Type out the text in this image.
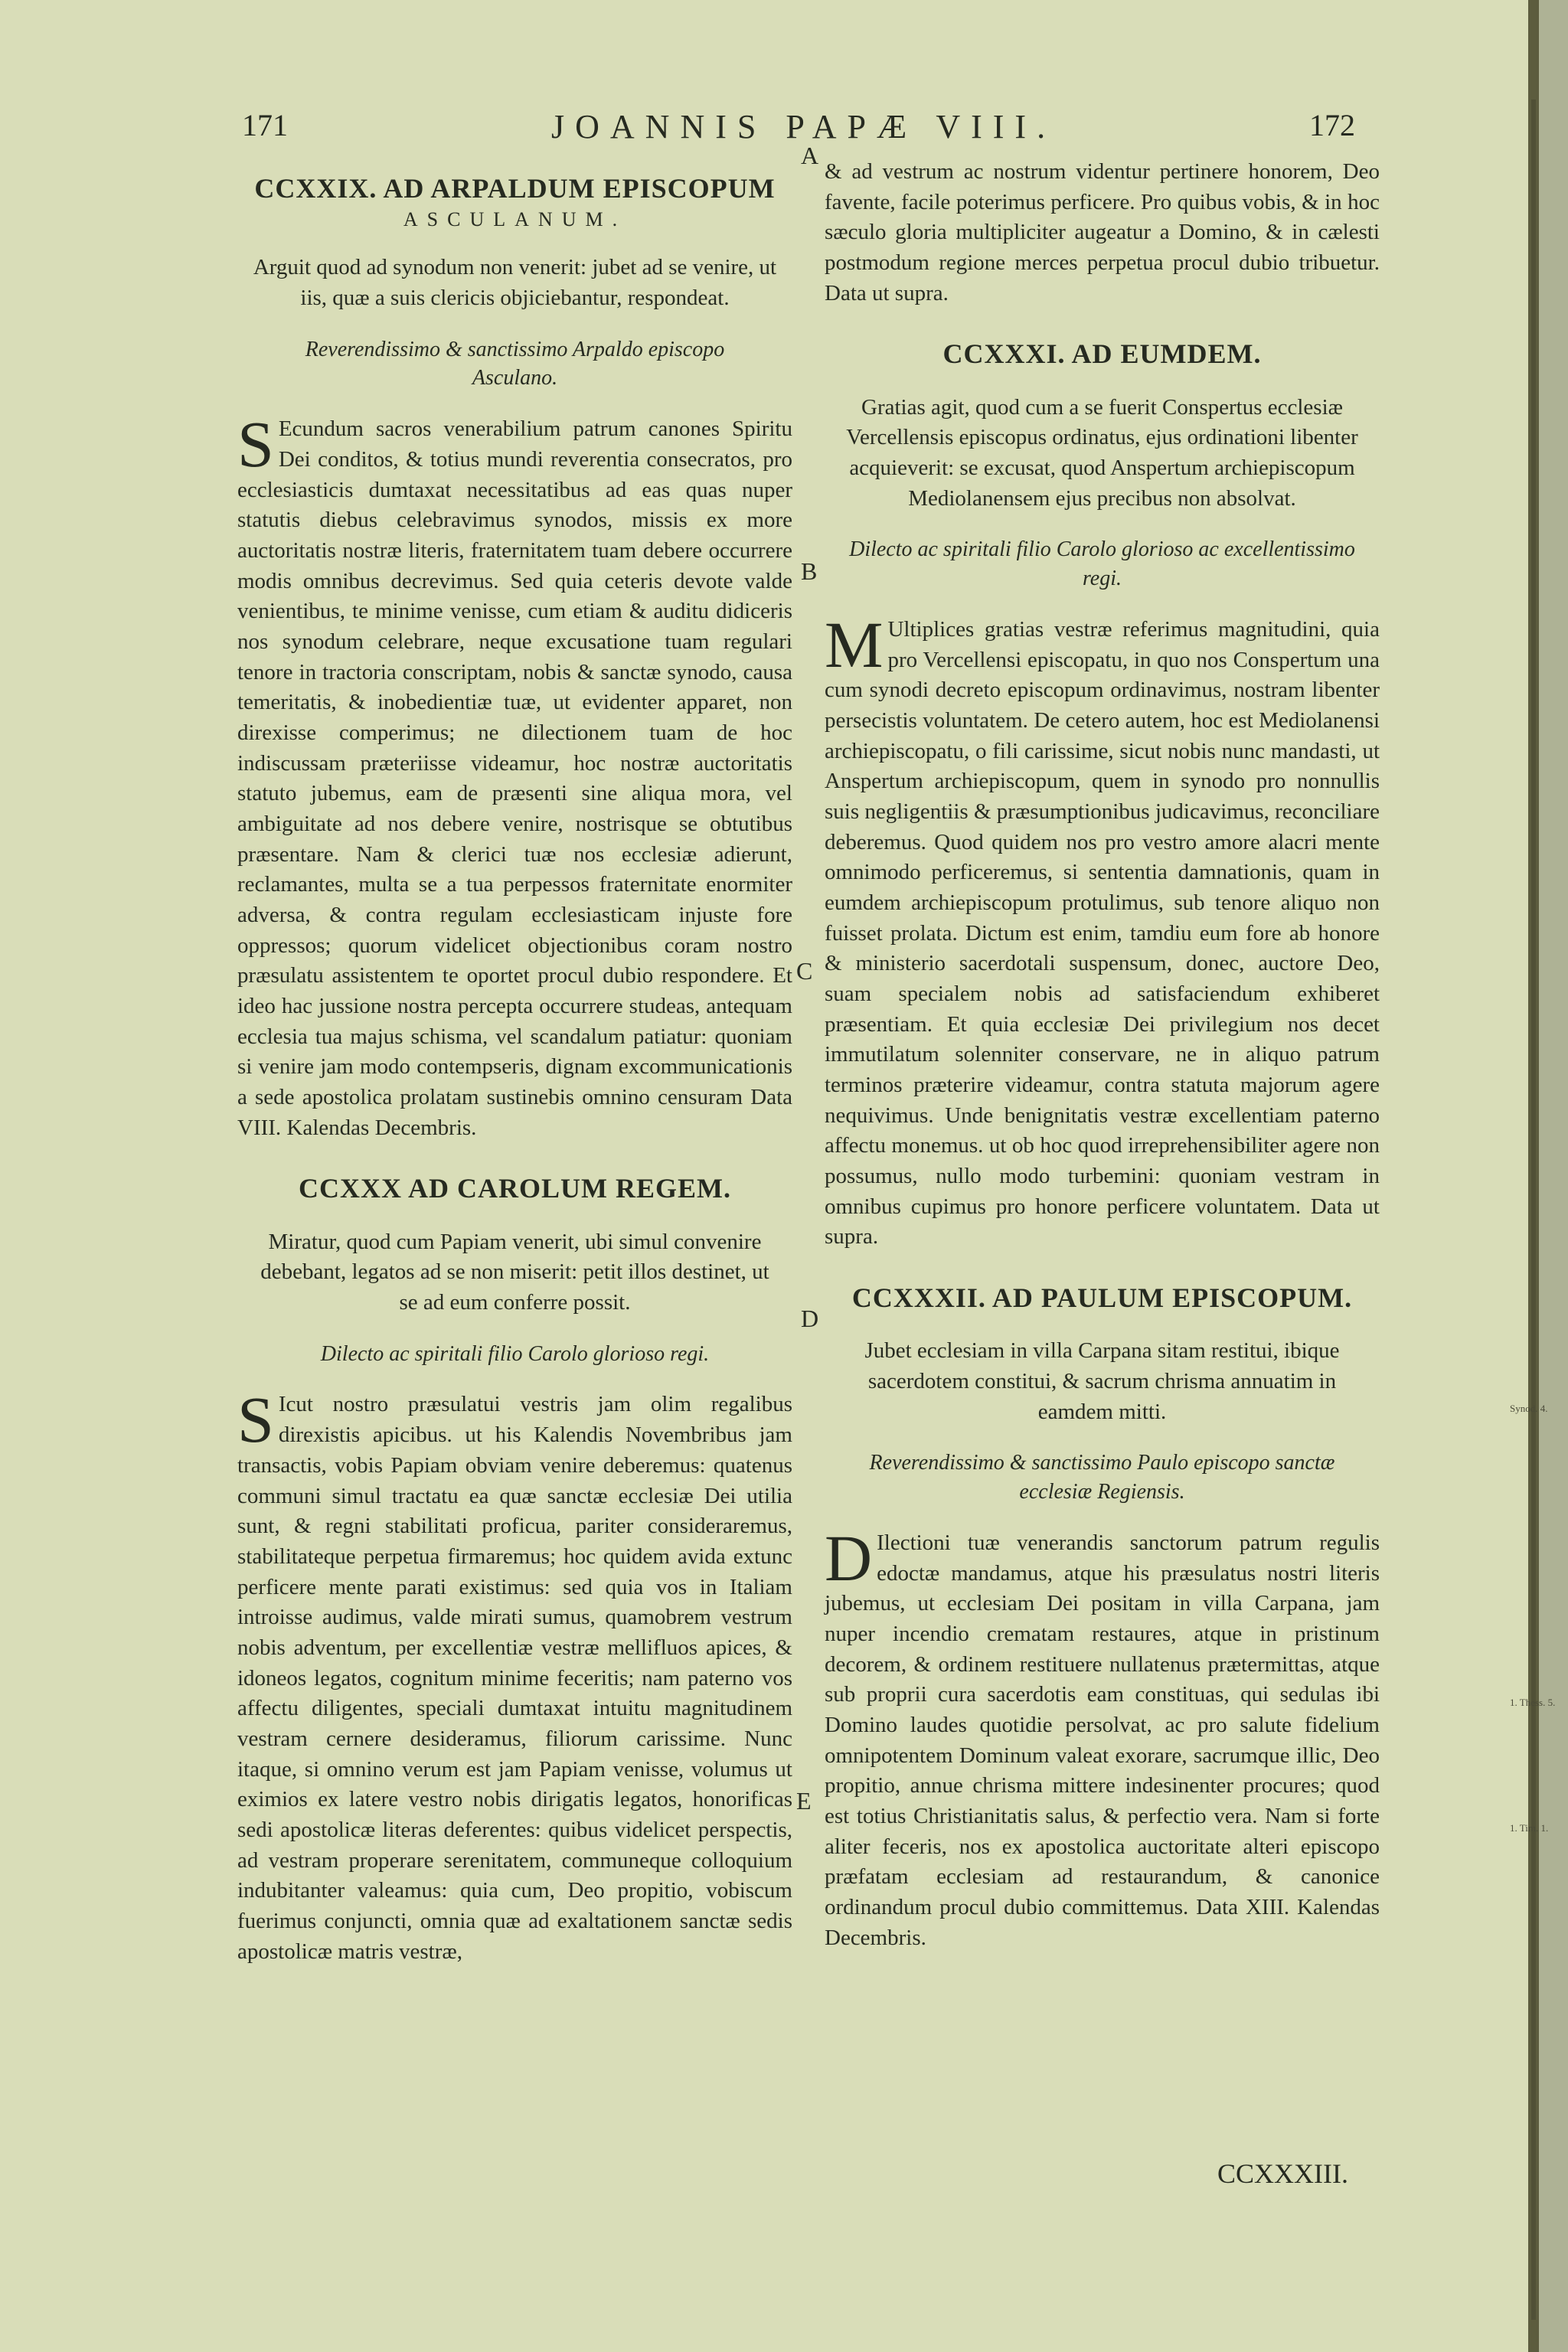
171	JOANNIS PAPÆ VIII.	172
A
B
C
D
E
Synod. 4.
1. Thess. 5.
1. Tim. 1.
CCXXIX. AD ARPALDUM EPISCOPUM

ASCULANUM.

Arguit quod ad synodum non venerit: jubet ad se venire, ut iis, quæ a suis clericis objiciebantur, respondeat.

Reverendissimo & sanctissimo Arpaldo episcopo Asculano.

S Ecundum sacros venerabilium patrum canones Spiritu Dei conditos, & totius mundi reverentia consecratos, pro ecclesiasticis dumtaxat necessitatibus ad eas quas nuper statutis diebus celebravimus synodos, missis ex more auctoritatis nostræ literis, fraternitatem tuam debere occurrere modis omnibus decrevimus. Sed quia ceteris devote valde venientibus, te minime venisse, cum etiam & auditu didiceris nos synodum celebrare, neque excusatione tuam regulari tenore in tractoria conscriptam, nobis & sanctæ synodo, causa temeritatis, & inobedientiæ tuæ, ut evidenter apparet, non direxisse comperimus; ne dilectionem tuam de hoc indiscussam præteriisse videamur, hoc nostræ auctoritatis statuto jubemus, eam de præsenti sine aliqua mora, vel ambiguitate ad nos debere venire, nostrisque se obtutibus præsentare. Nam & clerici tuæ nos ecclesiæ adierunt, reclamantes, multa se a tua perpessos fraternitate enormiter adversa, & contra regulam ecclesiasticam injuste fore oppressos; quorum videlicet objectionibus coram nostro præsulatu assistentem te oportet procul dubio respondere. Et ideo hac jussione nostra percepta occurrere studeas, antequam ecclesia tua majus schisma, vel scandalum patiatur: quoniam si venire jam modo contempseris, dignam excommunicationis a sede apostolica prolatam sustinebis omnino censuram Data VIII. Kalendas Decembris.

CCXXX AD CAROLUM REGEM.

Miratur, quod cum Papiam venerit, ubi simul convenire debebant, legatos ad se non miserit: petit illos destinet, ut se ad eum conferre possit.

Dilecto ac spiritali filio Carolo glorioso regi.

S Icut nostro præsulatui vestris jam olim regalibus direxistis apicibus. ut his Kalendis Novembribus jam transactis, vobis Papiam obviam venire deberemus: quatenus communi simul tractatu ea quæ sanctæ ecclesiæ Dei utilia sunt, & regni stabilitati proficua, pariter consideraremus, stabilitateque perpetua firmaremus; hoc quidem avida extunc perficere mente parati existimus: sed quia vos in Italiam introisse audimus, valde mirati sumus, quamobrem vestrum nobis adventum, per excellentiæ vestræ mellifluos apices, & idoneos legatos, cognitum minime feceritis; nam paterno vos affectu diligentes, speciali dumtaxat intuitu magnitudinem vestram cernere desideramus, filiorum carissime. Nunc itaque, si omnino verum est jam Papiam venisse, volumus ut eximios ex latere vestro nobis dirigatis legatos, honorificas sedi apostolicæ literas deferentes: quibus videlicet perspectis, ad vestram properare serenitatem, communeque colloquium indubitanter valeamus: quia cum, Deo propitio, vobiscum fuerimus conjuncti, omnia quæ ad exaltationem sanctæ sedis apostolicæ matris vestræ,

& ad vestrum ac nostrum videntur pertinere honorem, Deo favente, facile poterimus perficere. Pro quibus vobis, & in hoc sæculo gloria multipliciter augeatur a Domino, & in cælesti postmodum regione merces perpetua procul dubio tribuetur. Data ut supra.

CCXXXI. AD EUMDEM.

Gratias agit, quod cum a se fuerit Conspertus ecclesiæ Vercellensis episcopus ordinatus, ejus ordinationi libenter acquieverit: se excusat, quod Anspertum archiepiscopum Mediolanensem ejus precibus non absolvat.

Dilecto ac spiritali filio Carolo glorioso ac excellentissimo regi.

M Ultiplices gratias vestræ referimus magnitudini, quia pro Vercellensi episcopatu, in quo nos Conspertum una cum synodi decreto episcopum ordinavimus, nostram libenter persecistis voluntatem. De cetero autem, hoc est Mediolanensi archiepiscopatu, o fili carissime, sicut nobis nunc mandasti, ut Anspertum archiepiscopum, quem in synodo pro nonnullis suis negligentiis & præsumptionibus judicavimus, reconciliare deberemus. Quod quidem nos pro vestro amore alacri mente omnimodo perficeremus, si sententia damnationis, quam in eumdem archiepiscopum protulimus, sub tenore aliquo non fuisset prolata. Dictum est enim, tamdiu eum fore ab honore & ministerio sacerdotali suspensum, donec, auctore Deo, suam specialem nobis ad satisfaciendum exhiberet præsentiam. Et quia ecclesiæ Dei privilegium nos decet immutilatum solenniter conservare, ne in aliquo patrum terminos præterire videamur, contra statuta majorum agere nequivimus. Unde benignitatis vestræ excellentiam paterno affectu monemus. ut ob hoc quod irreprehensibiliter agere non possumus, nullo modo turbemini: quoniam vestram in omnibus cupimus pro honore perficere voluntatem. Data ut supra.

CCXXXII. AD PAULUM EPISCOPUM.

Jubet ecclesiam in villa Carpana sitam restitui, ibique sacerdotem constitui, & sacrum chrisma annuatim in eamdem mitti.

Reverendissimo & sanctissimo Paulo episcopo sanctæ ecclesiæ Regiensis.

D Ilectioni tuæ venerandis sanctorum patrum regulis edoctæ mandamus, atque his præsulatus nostri literis jubemus, ut ecclesiam Dei positam in villa Carpana, jam nuper incendio crematam restaures, atque in pristinum decorem, & ordinem restituere nullatenus prætermittas, atque sub proprii cura sacerdotis eam constituas, qui sedulas ibi Domino laudes quotidie persolvat, ac pro salute fidelium omnipotentem Dominum valeat exorare, sacrumque illic, Deo propitio, annue chrisma mittere indesinenter procures; quod est totius Christianitatis salus, & perfectio vera. Nam si forte aliter feceris, nos ex apostolica auctoritate alteri episcopo præfatam ecclesiam ad restaurandum, & canonice ordinandum procul dubio committemus. Data XIII. Kalendas Decembris.

CCXXXIII.
